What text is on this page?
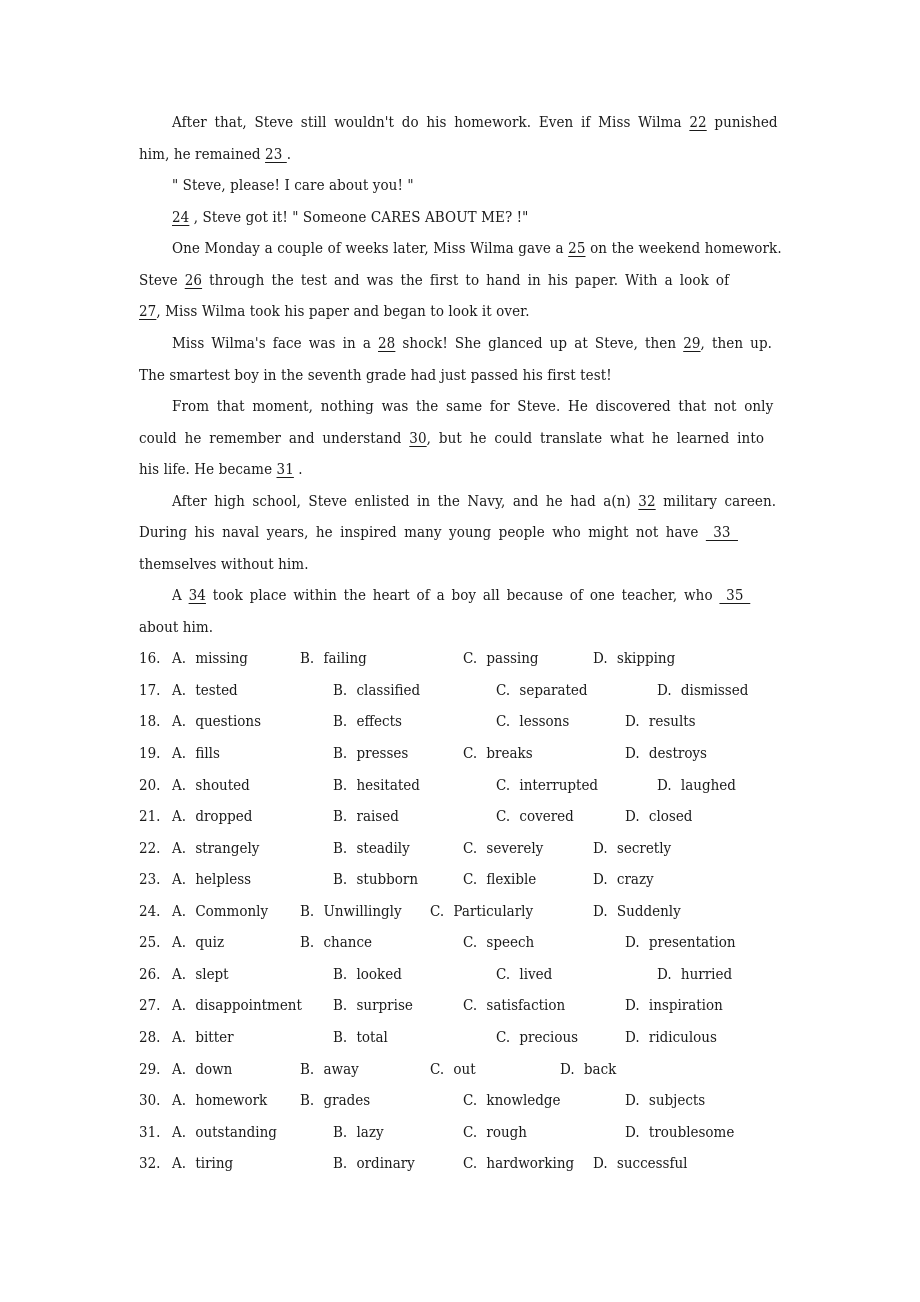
After that, Steve still wouldn't do his homework. Even if Miss Wilma 22 punished
him, he remained 23 .
" Steve, please! I care about you! "
24 , Steve got it! " Someone CARES ABOUT ME? !"
One Monday a couple of weeks later, Miss Wilma gave a 25 on the weekend homework.
Steve 26 through the test and was the first to hand in his paper. With a look of
27, Miss Wilma took his paper and began to look it over.
Miss Wilma's face was in a 28 shock! She glanced up at Steve, then 29, then up.
The smartest boy in the seventh grade had just passed his first test!
From that moment, nothing was the same for Steve. He discovered that not only
could he remember and understand 30, but he could translate what he learned into
his life. He became 31 .
After high school, Steve enlisted in the Navy, and he had a(n) 32 military careen.
During his naval years, he inspired many young people who might not have  33
themselves without him.
A 34 took place within the heart of a boy all because of one teacher, who  35
about him.
16. A. missing	B. failing	C. passing	D. skipping
17. A. tested	B. classified	C. separated	D. dismissed
18. A. questions	B. effects	C. lessons	D. results
19. A. fills	B. presses	C. breaks	D. destroys
20. A. shouted	B. hesitated	C. interrupted	D. laughed
21. A. dropped	B. raised	C. covered	D. closed
22. A. strangely	B. steadily	C. severely	D. secretly
23. A. helpless	B. stubborn	C. flexible	D. crazy
24. A. Commonly B. Unwillingly C. Particularly	D. Suddenly
25. A. quiz	B. chance	C. speech	D. presentation
26. A. slept	B. looked	C. lived	D. hurried
27. A. disappointment B. surprise	C. satisfaction	D. inspiration
28. A. bitter	B. total	C. precious	D. ridiculous
29. A. down	B. away	C. out	D. back
30. A. homework B. grades	C. knowledge	D. subjects
31. A. outstanding	B. lazy	C. rough	D. troublesome
32. A. tiring	B. ordinary	C. hardworking D. successful
